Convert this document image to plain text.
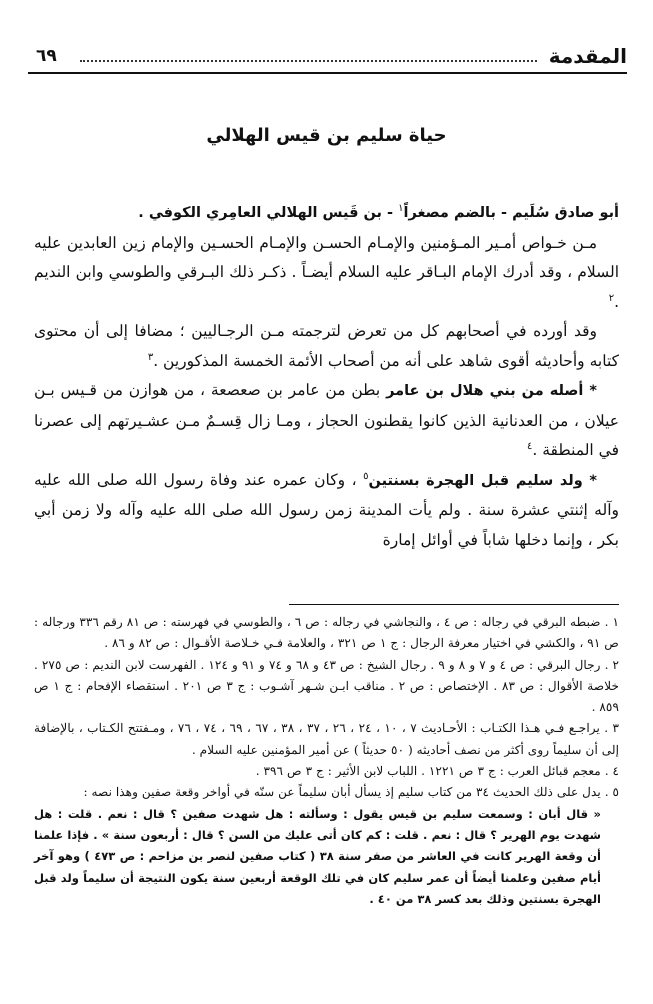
المقدمة
٦٩
حياة سليم بن قيس الهلالي

أبو صادق سُلَيم - بالضم مصغراً$^١$ - بن قَيس الهلالي العامِري الكوفي .

مـن خـواص أمـير المـؤمنين والإمـام الحسـن والإمـام الحسـين والإمام زين العابدين عليه السلام ، وقد أدرك الإمام البـاقر عليه السلام أيضـاً . ذكـر ذلك البـرقي والطوسي وابن النديم .$^٢$

وقد أورده في أصحابهم كل من تعرض لترجمته مـن الرجـاليين ؛ مضافا إلى أن محتوى كتابه وأحاديثه أقوى شاهد على أنه من أصحاب الأئمة الخمسة المذكورين .$^٣$

* أصله من بني هلال بن عامر بطن من عامر بن صعصعة ، من هوازن من قـيس بـن عيلان ، من العدنانية الذين كانوا يقطنون الحجاز ، ومـا زال قِسـمٌ مـن عشـيرتهم إلى عصرنا في المنطقة .$^٤$

* ولد سليم قبل الهجرة بسنتين$^٥$ ، وكان عمره عند وفاة رسول الله صلى الله عليه وآله إثنتي عشرة سنة . ولم يأت المدينة زمن رسول الله صلى الله عليه وآله ولا زمن أبي بكر ، وإنما دخلها شاباً في أوائل إمارة

١ . ضبطه البرقي في رجاله : ص ٤ ، والنجاشي في رجاله : ص ٦ ، والطوسي في فهرسته : ص ٨١ رقم ٣٣٦ ورجاله : ص ٩١ ، والكشي في اختيار معرفة الرجال : ج ١ ص ٣٢١ ، والعلامة فـي خـلاصة الأقـوال : ص ٨٢ و ٨٦ .

٢ . رجال البرقي : ص ٤ و ٧ و ٨ و ٩ . رجال الشيخ : ص ٤٣ و ٦٨ و ٧٤ و ٩١ و ١٢٤ . الفهرست لابن النديم : ص ٢٧٥ . خلاصة الأقوال : ص ٨٣ . الإختصاص : ص ٢ . مناقب ابـن شـهر آشـوب : ج ٣ ص ٢٠١ . استقصاء الإفحام : ج ١ ص ٨٥٩ .

٣ . يراجـع فـي هـذا الكتـاب : الأحـاديث ٧ ، ١٠ ، ٢٤ ، ٢٦ ، ٣٧ ، ٣٨ ، ٦٧ ، ٦٩ ، ٧٤ ، ٧٦ ، ومـفتتح الكـتاب ، بالإضافة إلى أن سليماً روى أكثر من نصف أحاديثه ( ٥٠ حديثاً ) عن أمير المؤمنين عليه السلام .

٤ . معجم قبائل العرب : ج ٣ ص ١٢٢١ . اللباب لابن الأثير : ج ٣ ص ٣٩٦ .

٥ . يدل على ذلك الحديث ٣٤ من كتاب سليم إذ يسأل أبان سليماً عن سنّه في أواخر وقعة صفين وهذا نصه :

« قال أبان : وسمعت سليم بن قيس يقول : وسألته : هل شهدت صفين ؟ قال : نعم . قلت : هل شهدت يوم الهرير ؟ قال : نعم . قلت : كم كان أتى عليك من السن ؟ قال : أربعون سنة » . فإذا علمنا أن وقعة الهرير كانت في العاشر من صفر سنة ٣٨ ( كتاب صفين لنصر بن مزاحم : ص ٤٧٣ ) وهو آخر أيام صفين وعلمنا أيضاً أن عمر سليم كان في تلك الوقعة أربعين سنة يكون النتيجة أن سليماً ولد قبل الهجرة بسنتين وذلك بعد كسر ٣٨ من ٤٠ .
